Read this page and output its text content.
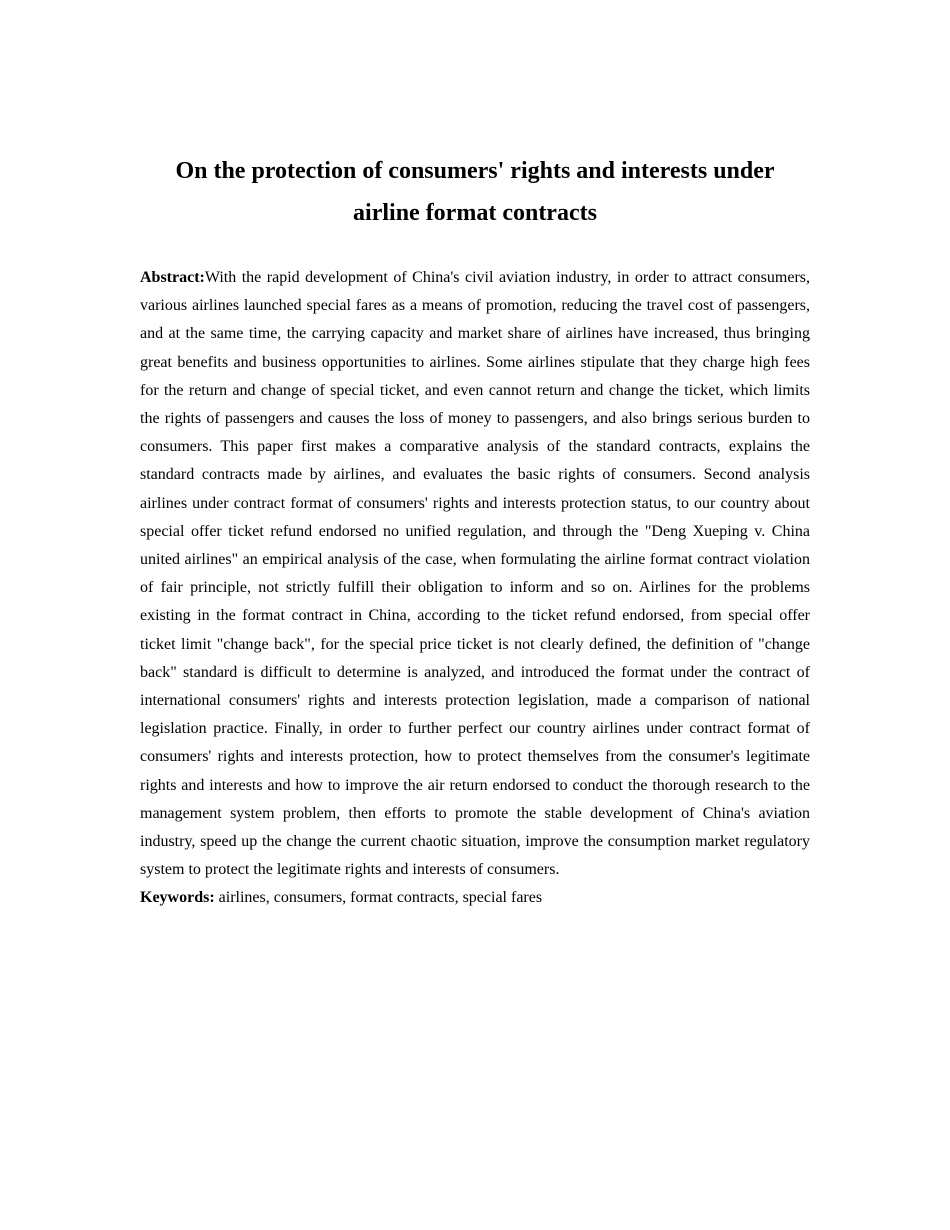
On the protection of consumers' rights and interests under airline format contracts

Abstract:With the rapid development of China's civil aviation industry, in order to attract consumers, various airlines launched special fares as a means of promotion, reducing the travel cost of passengers, and at the same time, the carrying capacity and market share of airlines have increased, thus bringing great benefits and business opportunities to airlines. Some airlines stipulate that they charge high fees for the return and change of special ticket, and even cannot return and change the ticket, which limits the rights of passengers and causes the loss of money to passengers, and also brings serious burden to consumers. This paper first makes a comparative analysis of the standard contracts, explains the standard contracts made by airlines, and evaluates the basic rights of consumers. Second analysis airlines under contract format of consumers' rights and interests protection status, to our country about special offer ticket refund endorsed no unified regulation, and through the "Deng Xueping v. China united airlines" an empirical analysis of the case, when formulating the airline format contract violation of fair principle, not strictly fulfill their obligation to inform and so on. Airlines for the problems existing in the format contract in China, according to the ticket refund endorsed, from special offer ticket limit "change back", for the special price ticket is not clearly defined, the definition of "change back" standard is difficult to determine is analyzed, and introduced the format under the contract of international consumers' rights and interests protection legislation, made a comparison of national legislation practice. Finally, in order to further perfect our country airlines under contract format of consumers' rights and interests protection, how to protect themselves from the consumer's legitimate rights and interests and how to improve the air return endorsed to conduct the thorough research to the management system problem, then efforts to promote the stable development of China's aviation industry, speed up the change the current chaotic situation, improve the consumption market regulatory system to protect the legitimate rights and interests of consumers.

Keywords: airlines, consumers, format contracts, special fares
